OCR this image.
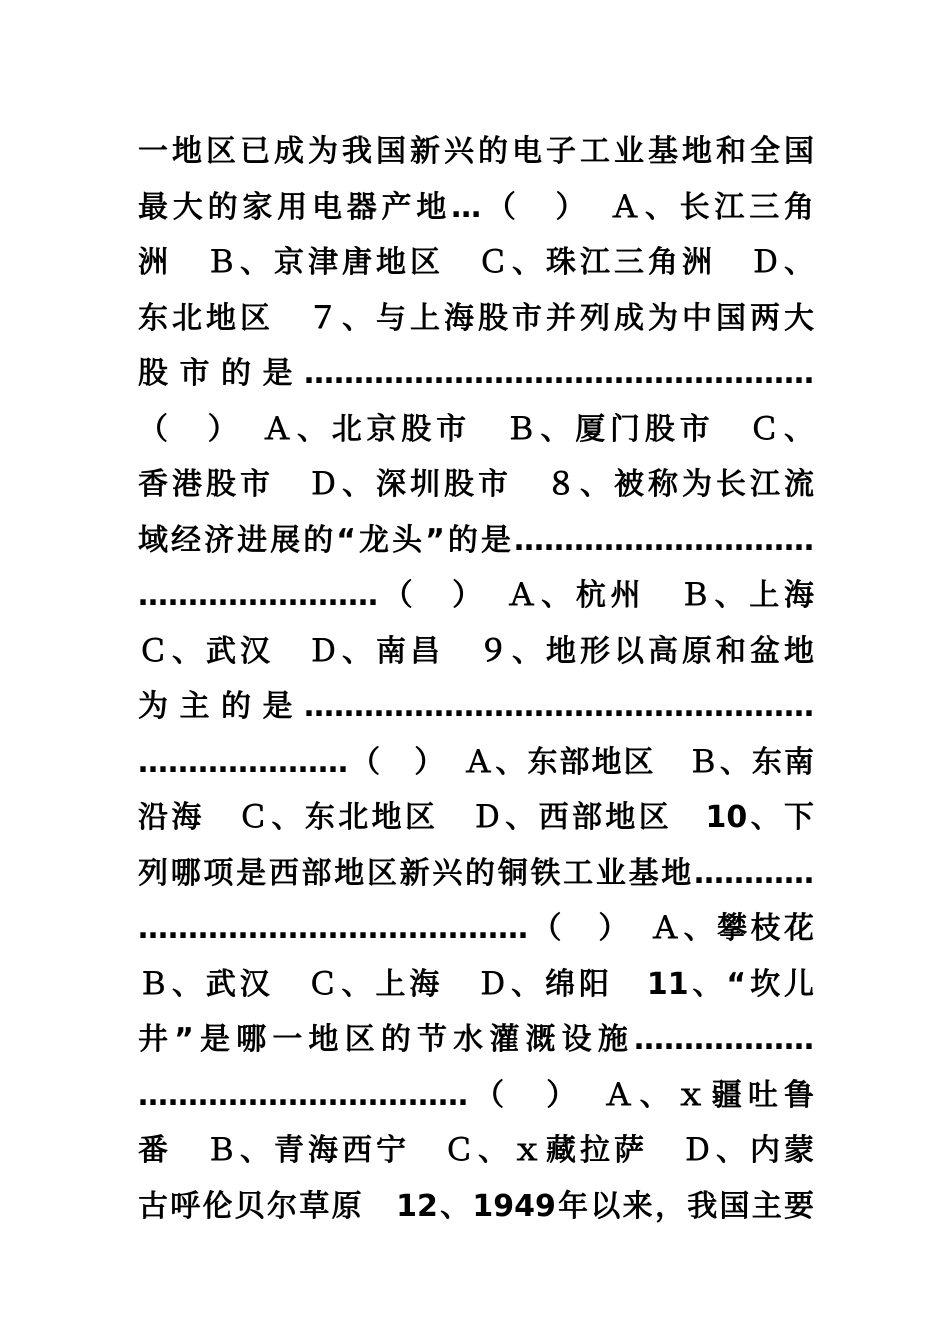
一地区已成为我国新兴的电子工业基地和全国
最大的家用电器产地…（　）　Ａ、长江三角
洲　Ｂ、京津唐地区　Ｃ、珠江三角洲　Ｄ、
东北地区　７、与上海股市并列成为中国两大
股市的是……………………………………………
（　）　Ａ、北京股市　Ｂ、厦门股市　Ｃ、
香港股市　Ｄ、深圳股市　８、被称为长江流
域经济进展的“龙头”的是…………………………
……………………（　）　Ａ、杭州　Ｂ、上海
Ｃ、武汉　Ｄ、南昌　９、地形以高原和盆地
为主的是……………………………………………
…………………（　）　Ａ、东部地区　Ｂ、东南
沿海　Ｃ、东北地区　Ｄ、西部地区　10、下
列哪项是西部地区新兴的铜铁工业基地…………
…………………………………（　）　Ａ、攀枝花
Ｂ、武汉　Ｃ、上海　Ｄ、绵阳　11、“坎儿
井”是哪一地区的节水灌溉设施………………
……………………………（　）　Ａ、ｘ疆吐鲁
番　Ｂ、青海西宁　Ｃ、ｘ藏拉萨　Ｄ、内蒙
古呼伦贝尔草原　12、1949年以来，我国主要
